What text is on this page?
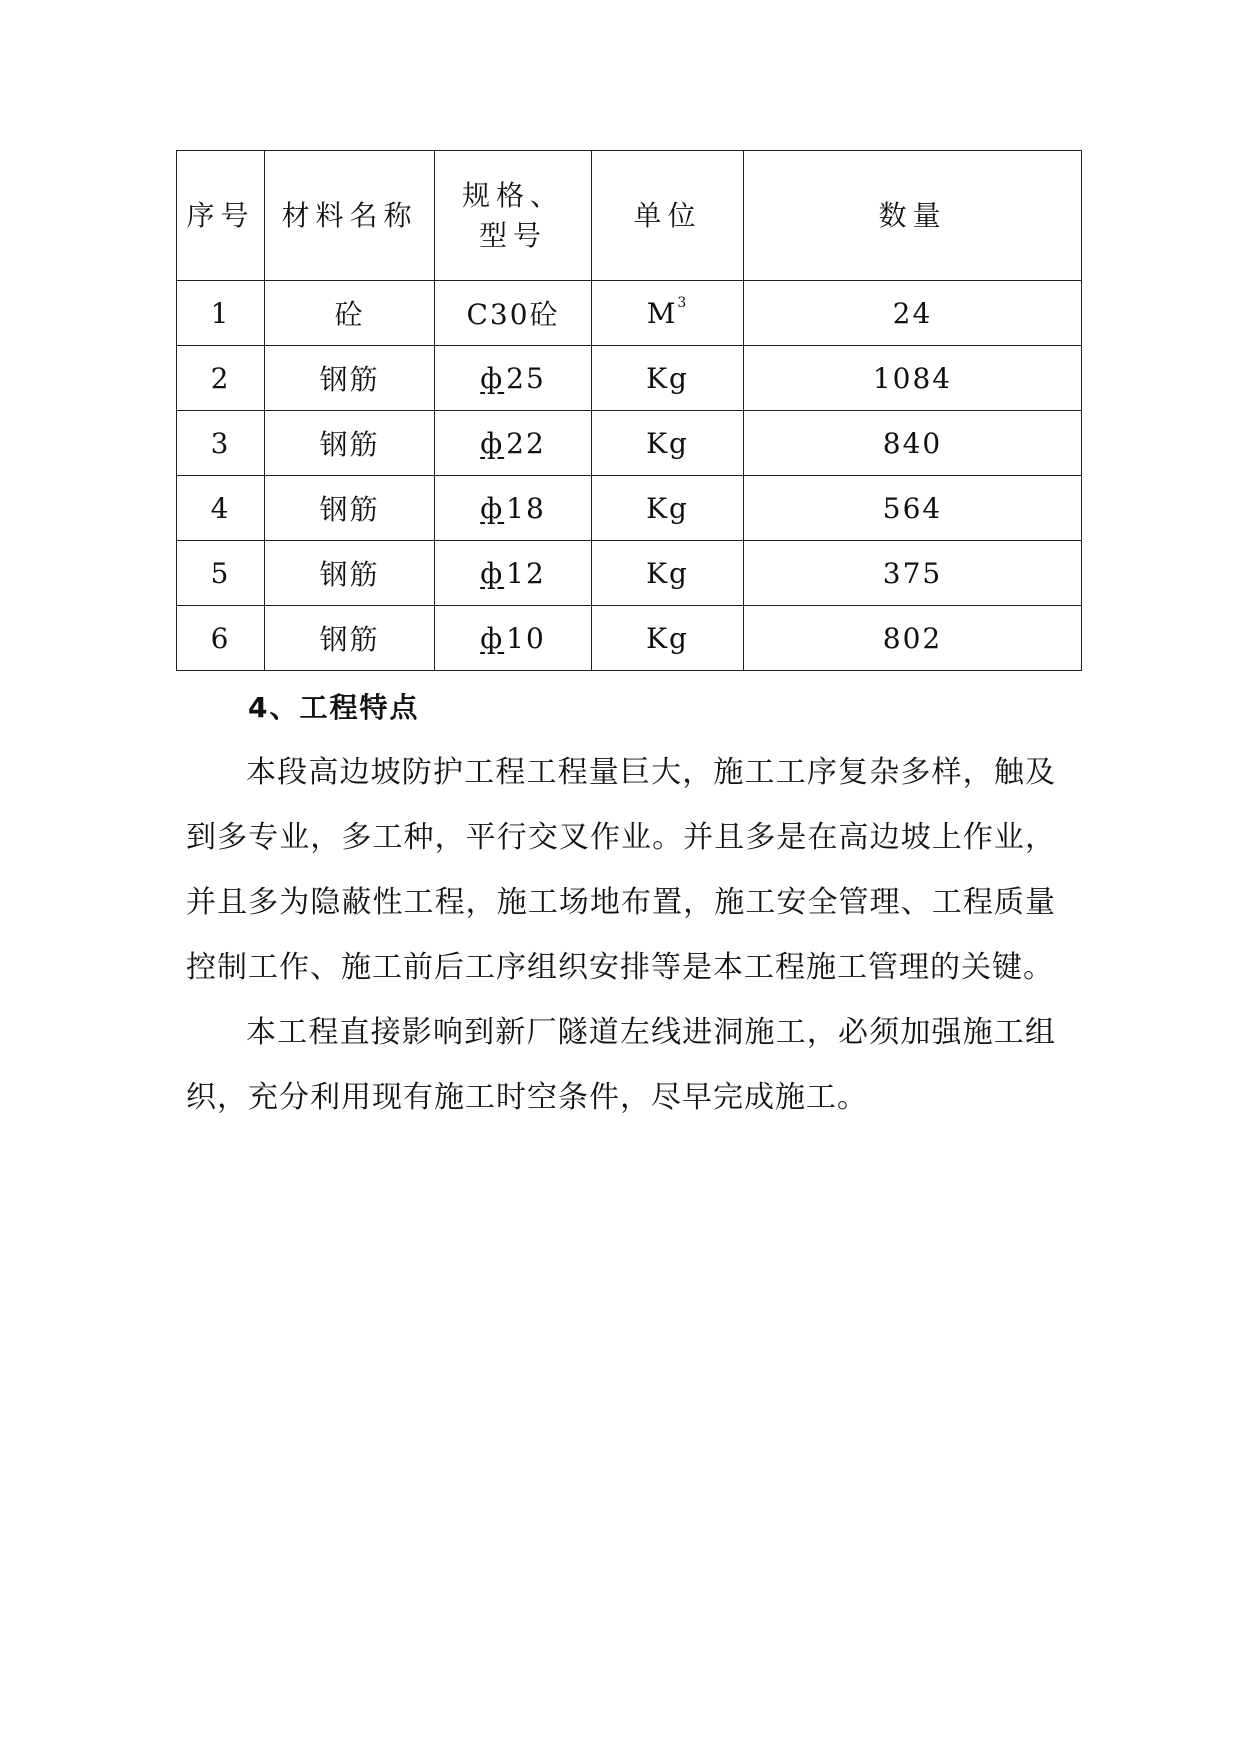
序号	材料名称	规格、型号	单位	数量
1	砼	C30砼	$M^3$	24
2	钢筋	ф25	Kg	1084
3	钢筋	ф22	Kg	840
4	钢筋	ф18	Kg	564
5	钢筋	ф12	Kg	375
6	钢筋	ф10	Kg	802
4、工程特点

本段高边坡防护工程工程量巨大，施工工序复杂多样，触及到多专业，多工种，平行交叉作业。并且多是在高边坡上作业，并且多为隐蔽性工程，施工场地布置，施工安全管理、工程质量控制工作、施工前后工序组织安排等是本工程施工管理的关键。

本工程直接影响到新厂隧道左线进洞施工，必须加强施工组织，充分利用现有施工时空条件，尽早完成施工。
